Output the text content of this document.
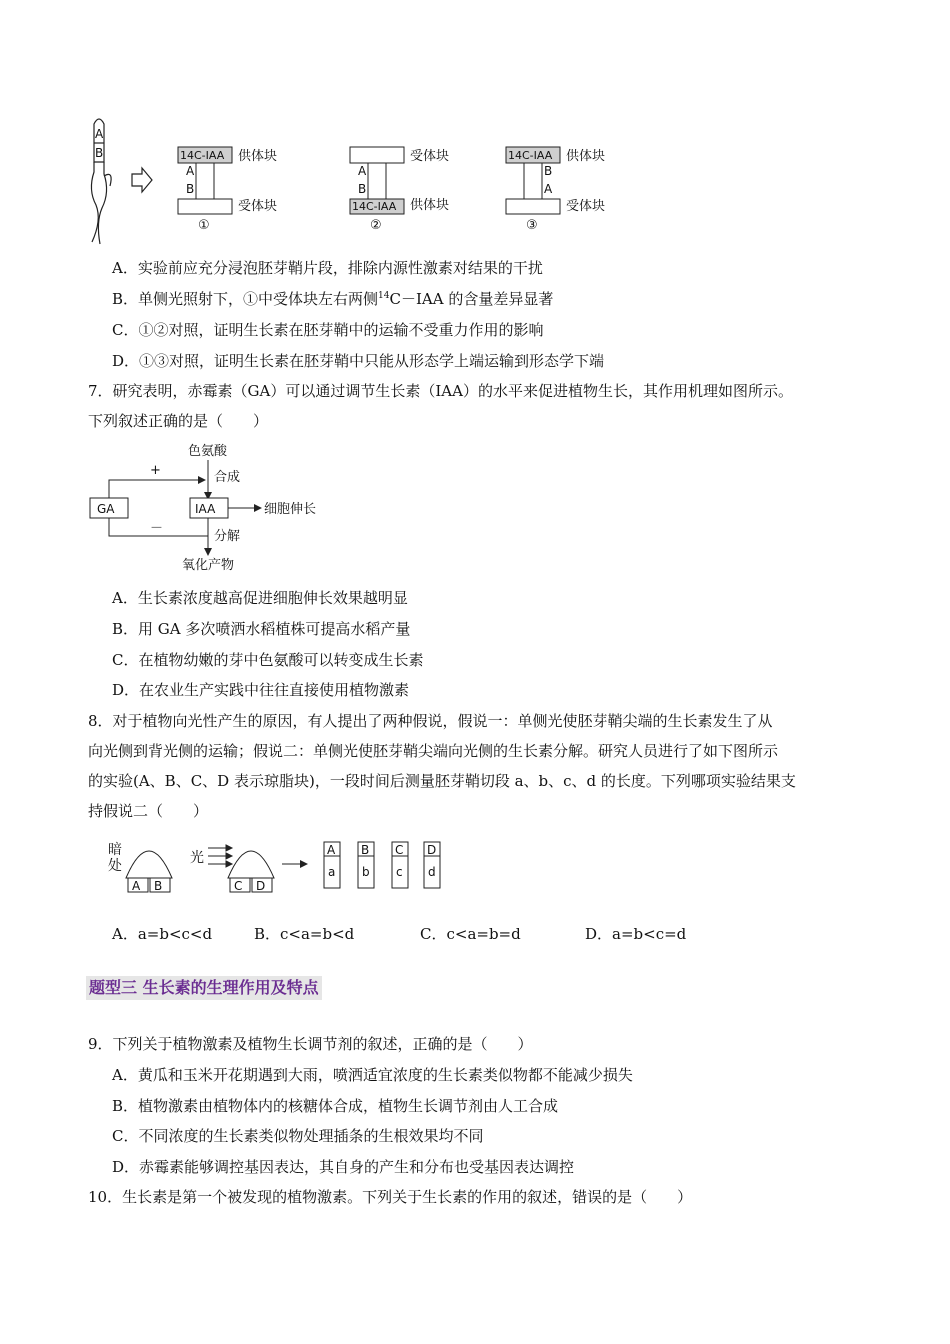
A
B	14C-IAA 供体块
A
B
受体块
①
受体块
A
B
14C-IAA 供体块
②
14C-IAA 供体块
B
A
受体块
③
A．实验前应充分浸泡胚芽鞘片段，排除内源性激素对结果的干扰
B．单侧光照射下，①中受体块左右两侧$^{14}$C－IAA 的含量差异显著
C．①②对照，证明生长素在胚芽鞘中的运输不受重力作用的影响
D．①③对照，证明生长素在胚芽鞘中只能从形态学上端运输到形态学下端
7．研究表明，赤霉素（GA）可以通过调节生长素（IAA）的水平来促进植物生长，其作用机理如图所示。
下列叙述正确的是（　　）
色氨酸
合成
GA	IAA
+
－
细胞伸长
分解
氧化产物
A．生长素浓度越高促进细胞伸长效果越明显
B．用 GA 多次喷洒水稻植株可提高水稻产量
C．在植物幼嫩的芽中色氨酸可以转变成生长素
D．在农业生产实践中往往直接使用植物激素
8．对于植物向光性产生的原因，有人提出了两种假说，假说一：单侧光使胚芽鞘尖端的生长素发生了从
向光侧到背光侧的运输；假说二：单侧光使胚芽鞘尖端向光侧的生长素分解。研究人员进行了如下图所示
的实验(A、B、C、D 表示琼脂块)，一段时间后测量胚芽鞘切段 a、b、c、d 的长度。下列哪项实验结果支
持假说二（　　）
暗
处
A B
光
C D
A
a
B
b
C
c
D
d
A．a=b<c<d	B．c<a=b<d	C．c<a=b=d	D．a=b<c=d
题型三 生长素的生理作用及特点
9．下列关于植物激素及植物生长调节剂的叙述，正确的是（　　）
A．黄瓜和玉米开花期遇到大雨，喷洒适宜浓度的生长素类似物都不能减少损失
B．植物激素由植物体内的核糖体合成，植物生长调节剂由人工合成
C．不同浓度的生长素类似物处理插条的生根效果均不同
D．赤霉素能够调控基因表达，其自身的产生和分布也受基因表达调控
10．生长素是第一个被发现的植物激素。下列关于生长素的作用的叙述，错误的是（　　）
